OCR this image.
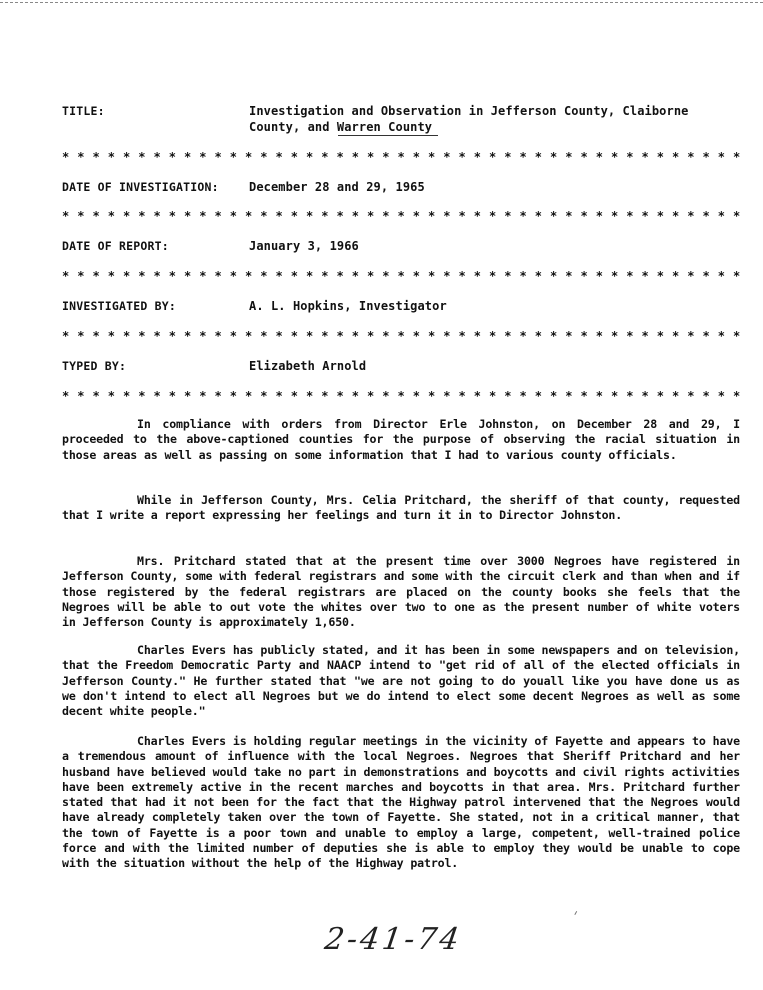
TITLE:	Investigation and Observation in Jefferson County, Claiborne
County, and Warren County
* * * * * * * * * * * * * * * * * * * * * * * * * * * * * * * * * * * * * * * * * * * * *
DATE OF INVESTIGATION:	December 28 and 29, 1965
* * * * * * * * * * * * * * * * * * * * * * * * * * * * * * * * * * * * * * * * * * * * *
DATE OF REPORT:	January 3, 1966
* * * * * * * * * * * * * * * * * * * * * * * * * * * * * * * * * * * * * * * * * * * * *
INVESTIGATED BY:	A. L. Hopkins, Investigator
* * * * * * * * * * * * * * * * * * * * * * * * * * * * * * * * * * * * * * * * * * * * *
TYPED BY:	Elizabeth Arnold
* * * * * * * * * * * * * * * * * * * * * * * * * * * * * * * * * * * * * * * * * * * * *

In compliance with orders from Director Erle Johnston, on December 28 and 29, I proceeded to the above-captioned counties for the purpose of observing the racial situation in those areas as well as passing on some information that I had to various county officials.

While in Jefferson County, Mrs. Celia Pritchard, the sheriff of that county, requested that I write a report expressing her feelings and turn it in to Director Johnston.

Mrs. Pritchard stated that at the present time over 3000 Negroes have registered in Jefferson County, some with federal registrars and some with the circuit clerk and than when and if those registered by the federal registrars are placed on the county books she feels that the Negroes will be able to out vote the whites over two to one as the present number of white voters in Jefferson County is approximately 1,650.

Charles Evers has publicly stated, and it has been in some newspapers and on television, that the Freedom Democratic Party and NAACP intend to "get rid of all of the elected officials in Jefferson County." He further stated that "we are not going to do youall like you have done us as we don't intend to elect all Negroes but we do intend to elect some decent Negroes as well as some decent white people."

Charles Evers is holding regular meetings in the vicinity of Fayette and appears to have a tremendous amount of influence with the local Negroes. Negroes that Sheriff Pritchard and her husband have believed would take no part in demonstrations and boycotts and civil rights activities have been extremely active in the recent marches and boycotts in that area. Mrs. Pritchard further stated that had it not been for the fact that the Highway patrol intervened that the Negroes would have already completely taken over the town of Fayette. She stated, not in a critical manner, that the town of Fayette is a poor town and unable to employ a large, competent, well-trained police force and with the limited number of deputies she is able to employ they would be unable to cope with the situation without the help of the Highway patrol.

2-41-74
